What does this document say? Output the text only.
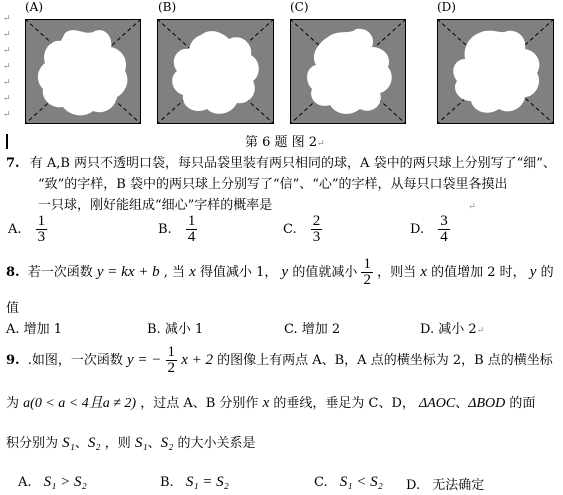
(A)	(B)	(C)	(D)
↵
↵
↵
↵
↵
↵
↵
第 6 题 图 2↵
7. 有 A,B 两只不透明口袋，每只品袋里装有两只相同的球，A 袋中的两只球上分别写了“细”、
“致”的字样，B 袋中的两只球上分别写了“信”、“心”的字样，从每只口袋里各摸出
一只球，刚好能组成“细心”字样的概率是	↵
A. $\frac{1}{3}$	B. $\frac{1}{4}$	C. $\frac{2}{3}$	D. $\frac{3}{4}$
8. 若一次函数 y = kx + b , 当 x 得值减小 1， y 的值就减小 $\frac{1}{2}$ ，则当 x 的值增加 2 时， y 的
值
A. 增加 1	B. 减小 1	C. 增加 2	D. 减小 2↵
9. .如图，一次函数 y = − $\frac{1}{2}$ x + 2 的图像上有两点 A、B，A 点的横坐标为 2，B 点的横坐标
为 a(0 < a < 4且a ≠ 2) ，过点 A、B 分别作 x 的垂线，垂足为 C、D， ΔAOC、ΔBOD 的面
积分别为 S₁、S₂ ，则 S₁、S₂ 的大小关系是
A. S₁ > S₂	B. S₁ = S₂	C. S₁ < S₂ D. 无法确定
